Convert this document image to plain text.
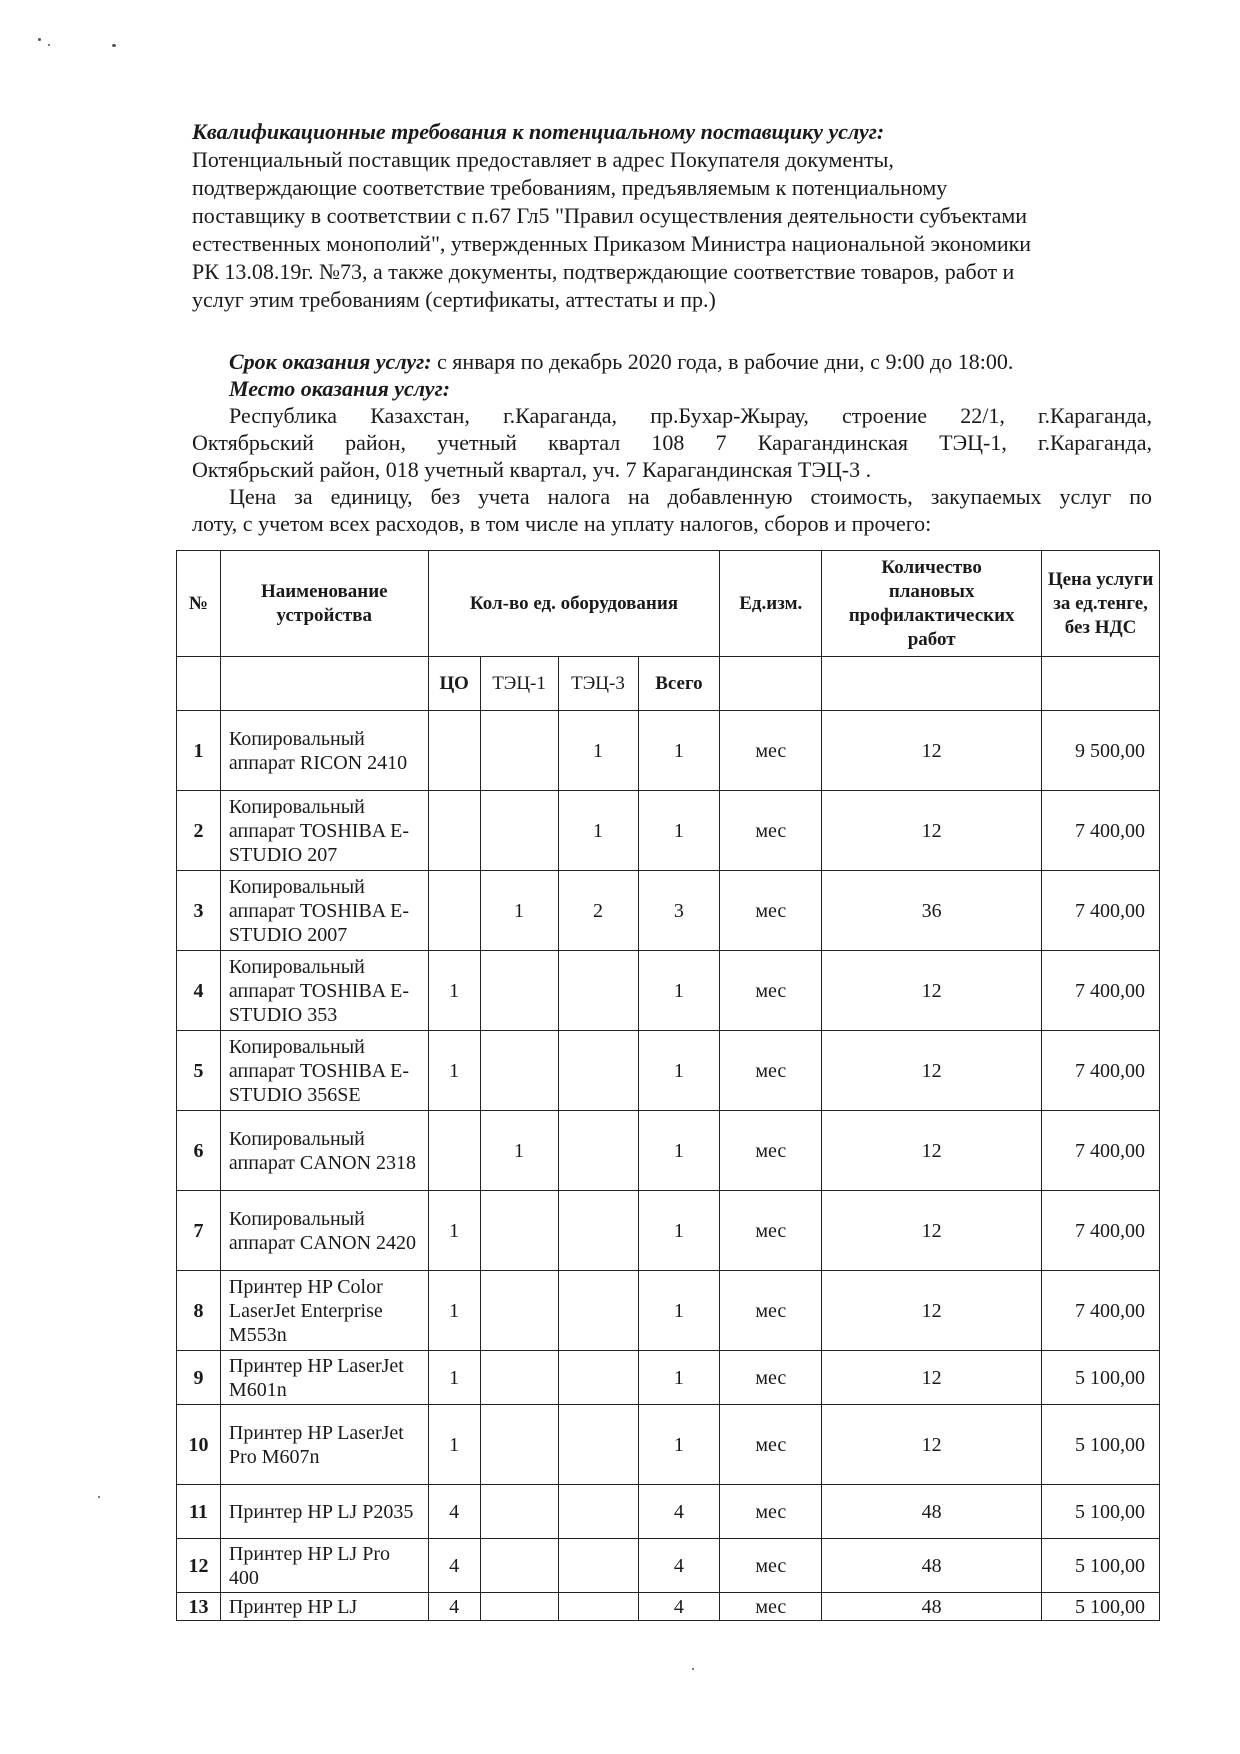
Квалификационные требования к потенциальному поставщику услуг:
Потенциальный поставщик предоставляет в адрес Покупателя документы,
подтверждающие соответствие требованиям, предъявляемым к потенциальному
поставщику в соответствии с п.67 Гл5 "Правил осуществления деятельности субъектами
естественных монополий", утвержденных Приказом Министра национальной экономики
РК 13.08.19г. №73, а также документы, подтверждающие соответствие товаров, работ и
услуг этим требованиям (сертификаты, аттестаты и пр.)
Срок оказания услуг: с января по декабрь 2020 года, в рабочие дни, с 9:00 до 18:00.
Место оказания услуг:
Республика Казахстан, г.Караганда, пр.Бухар-Жырау, строение 22/1, г.Караганда,
Октябрьский район, учетный квартал 108 7 Карагандинская ТЭЦ-1, г.Караганда,
Октябрьский район, 018 учетный квартал, уч. 7 Карагандинская ТЭЦ-3 .
Цена за единицу, без учета налога на добавленную стоимость, закупаемых услуг по
лоту, с учетом всех расходов, в том числе на уплату налогов, сборов и прочего:
№	Наименование устройства	Кол-во ед. оборудования				Ед.изм.	Количество плановых профилактических работ	Цена услуги за ед.тенге, без НДС
		ЦО	ТЭЦ-1	ТЭЦ-3	Всего			
1	Копировальный аппарат RICON 2410			1	1	мес	12	9 500,00
2	Копировальный аппарат TOSHIBA E-STUDIO 207			1	1	мес	12	7 400,00
3	Копировальный аппарат TOSHIBA E-STUDIO 2007		1	2	3	мес	36	7 400,00
4	Копировальный аппарат TOSHIBA E-STUDIO 353	1			1	мес	12	7 400,00
5	Копировальный аппарат TOSHIBA E-STUDIO 356SE	1			1	мес	12	7 400,00
6	Копировальный аппарат CANON 2318		1		1	мес	12	7 400,00
7	Копировальный аппарат CANON 2420	1			1	мес	12	7 400,00
8	Принтер HP Color LaserJet Enterprise M553n	1			1	мес	12	7 400,00
9	Принтер HP LaserJet M601n	1			1	мес	12	5 100,00
10	Принтер HP LaserJet Pro M607n	1			1	мес	12	5 100,00
11	Принтер HP LJ P2035	4			4	мес	48	5 100,00
12	Принтер HP LJ Pro 400	4			4	мес	48	5 100,00
13	Принтер HP LJ	4			4	мес	48	5 100,00
